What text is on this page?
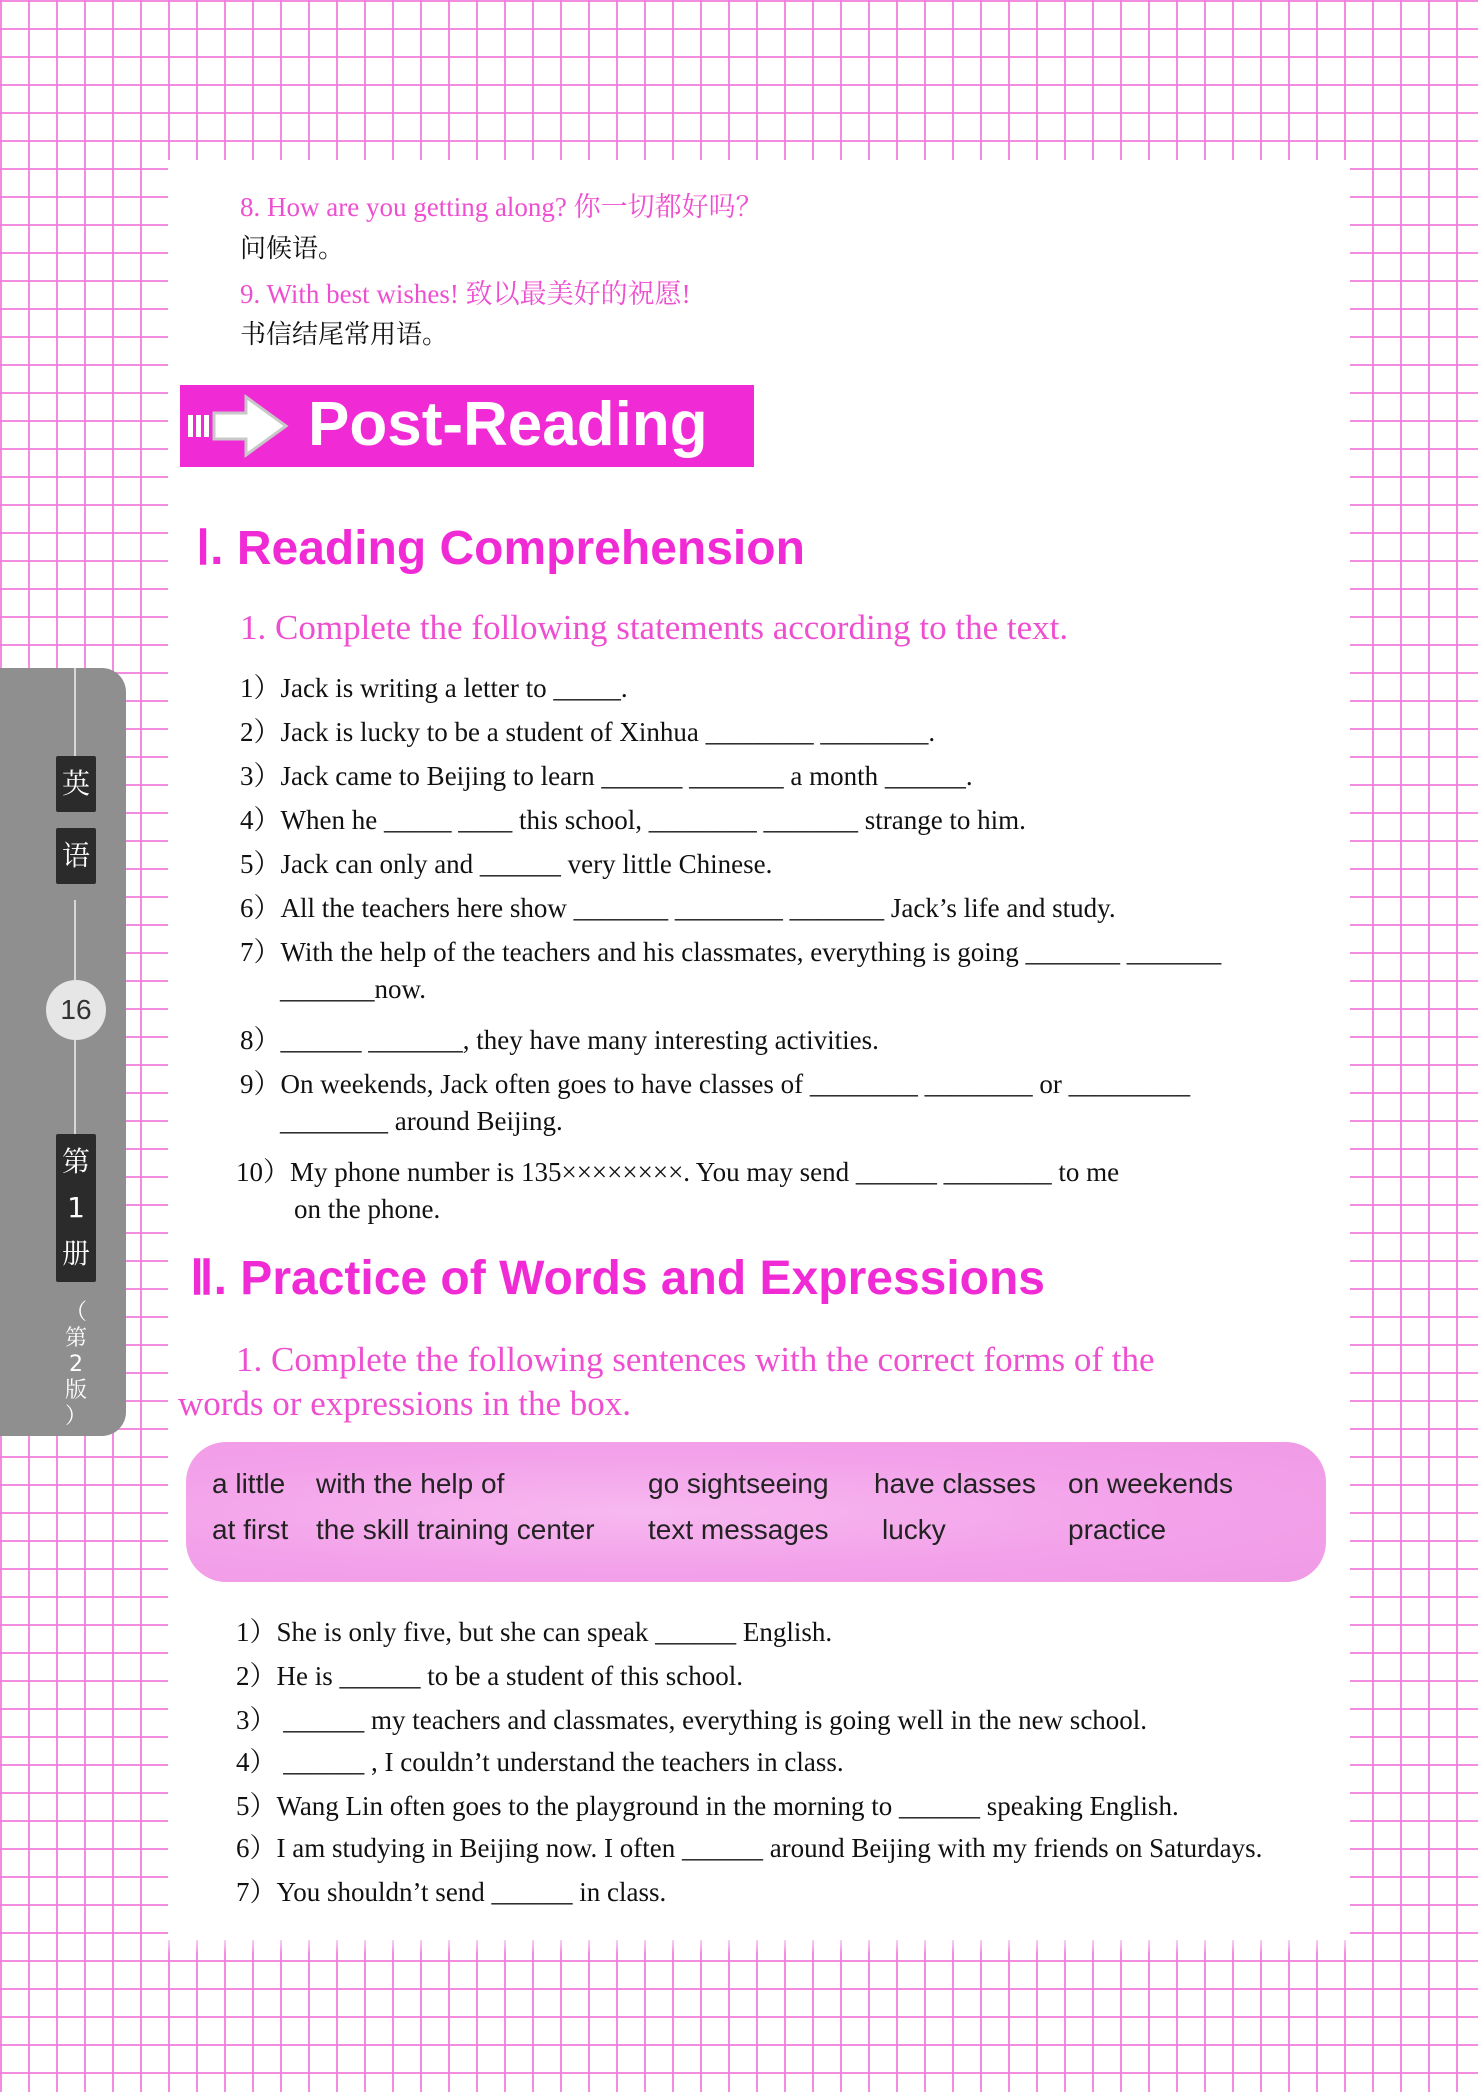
英
语
第
1
册
16
（
第
2
版
）
8. How are you getting along? 你一切都好吗？
问候语。
9. With best wishes! 致以最美好的祝愿!
书信结尾常用语。
Post-Reading
Ⅰ. Reading Comprehension
1. Complete the following statements according to the text.
1）Jack is writing a letter to _____.
2）Jack is lucky to be a student of Xinhua ________ ________.
3）Jack came to Beijing to learn ______ _______ a month ______.
4）When he _____ ____ this school, ________ _______ strange to him.
5）Jack can only and ______ very little Chinese.
6）All the teachers here show _______ ________ _______ Jack’s life and study.
7）With the help of the teachers and his classmates, everything is going _______ _______
_______now.
8）______ _______, they have many interesting activities.
9）On weekends, Jack often goes to have classes of ________ ________ or _________
________ around Beijing.
10）My phone number is 135××××××××. You may send ______ ________ to me
on the phone.
Ⅱ. Practice of Words and Expressions
1. Complete the following sentences with the correct forms of the
words or expressions in the box.
a little with the help of	go sightseeing have classes on weekends
at first the skill training center text messages lucky	practice
1）She is only five, but she can speak ______ English.
2）He is ______ to be a student of this school.
3） ______ my teachers and classmates, everything is going well in the new school.
4） ______ , I couldn’t understand the teachers in class.
5）Wang Lin often goes to the playground in the morning to ______ speaking English.
6）I am studying in Beijing now. I often ______ around Beijing with my friends on Saturdays.
7）You shouldn’t send ______ in class.
